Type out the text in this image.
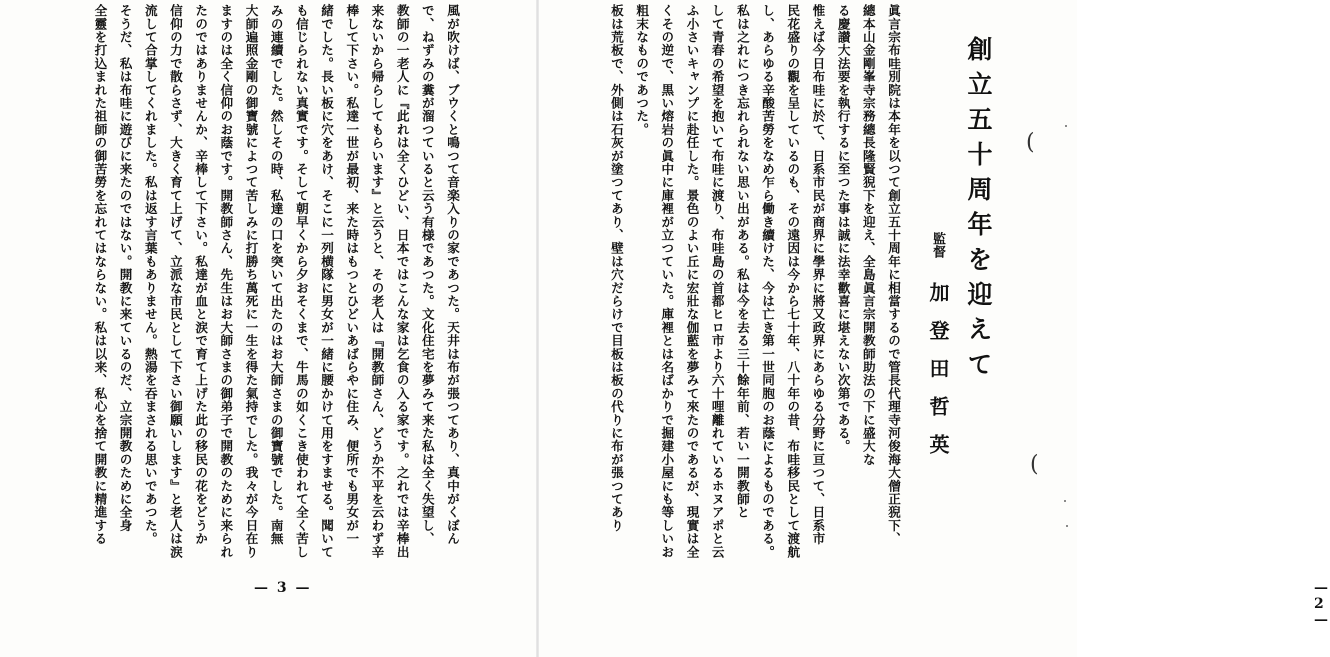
風が吹けば、ブウくと鳴つて音楽入りの家であつた。天井は布が張つてあり、真中がくぼん
で、ねずみの糞が溜つていると云う有様であつた。文化住宅を夢みて来た私は全く失望し、
教師の一老人に『此れは全くひどい、日本ではこんな家は乞食の入る家です。之れでは辛棒出
来ないから帰らしてもらいます』と云うと、その老人は『開教師さん、どうか不平を云わず辛
棒して下さい。私達一世が最初、来た時はもつとひどいあばらやに住み、便所でも男女が一
緒でした。長い板に穴をあけ、そこに一列横隊に男女が一緒に腰かけて用をすませる。聞いて
も信じられない真實です。そして朝早くから夕おそくまで、牛馬の如くこき使われて全く苦し
みの連續でした。然しその時、私達の口を突いて出たのはお大師さまの御寶號でした。南無
大師遍照金剛の御寶號によつて苦しみに打勝ち萬死に一生を得た氣持でした。我々が今日在り
ますのは全く信仰のお蔭です。開教師さん、先生はお大師さまの御弟子で開教のために来られ
たのではありませんか、辛棒して下さい。私達が血と涙で育て上げた此の移民の花をどうか
信仰の力で散らさず、大きく育て上げて、立派な市民として下さい御願いします』と老人は涙
流して合掌してくれました。私は返す言葉もありません。熱湯を吞まされる思いであつた。
そうだ、私は布哇に遊びに来たのではない。開教に来ているのだ、立宗開教のために全身
全靈を打込まれた祖師の御苦勞を忘れてはならない。私は以来、私心を捨て開教に精進する
— 3 —
眞言宗布哇別院は本年を以つて創立五十周年に相當するので管長代理寺河俊海大僧正猊下、
總本山金剛峯寺宗務總長隆賢猊下を迎え、全島眞言宗開教師助法の下に盛大な
る慶讃大法要を執行するに至つた事は誠に法幸歡喜に堪えない次第である。
惟えば今日布哇に於て、日系市民が商界に學界に將又政界にあらゆる分野に亘つて、日系市
民花盛りの觀を呈しているのも、その遠因は今から七十年、八十年の昔、布哇移民として渡航
し、あらゆる辛酸苦勞をなめ乍ら働き續けた、今は亡き第一世同胞のお蔭によるものである。
私は之れにつき忘れられない思い出がある。私は今を去る三十餘年前、若い一開教師と
して青春の希望を抱いて布哇に渡り、布哇島の首都ヒロ市より六十哩離れているホヌアポと云
ふ小さいキャンプに赴任した。景色のよい丘に宏壯な伽藍を夢みて來たのであるが、現實は全
くその逆で、黒い熔岩の眞中に庫裡が立つていた。庫裡とは名ばかりで掘建小屋にも等しいお
粗末なものであつた。
板は荒板で、外側は石灰が塗つてあり、壁は穴だらけで目板は板の代りに布が張つてあり
— 2 —
創立五十周年を迎えて
監督
加登田哲英
(
(
